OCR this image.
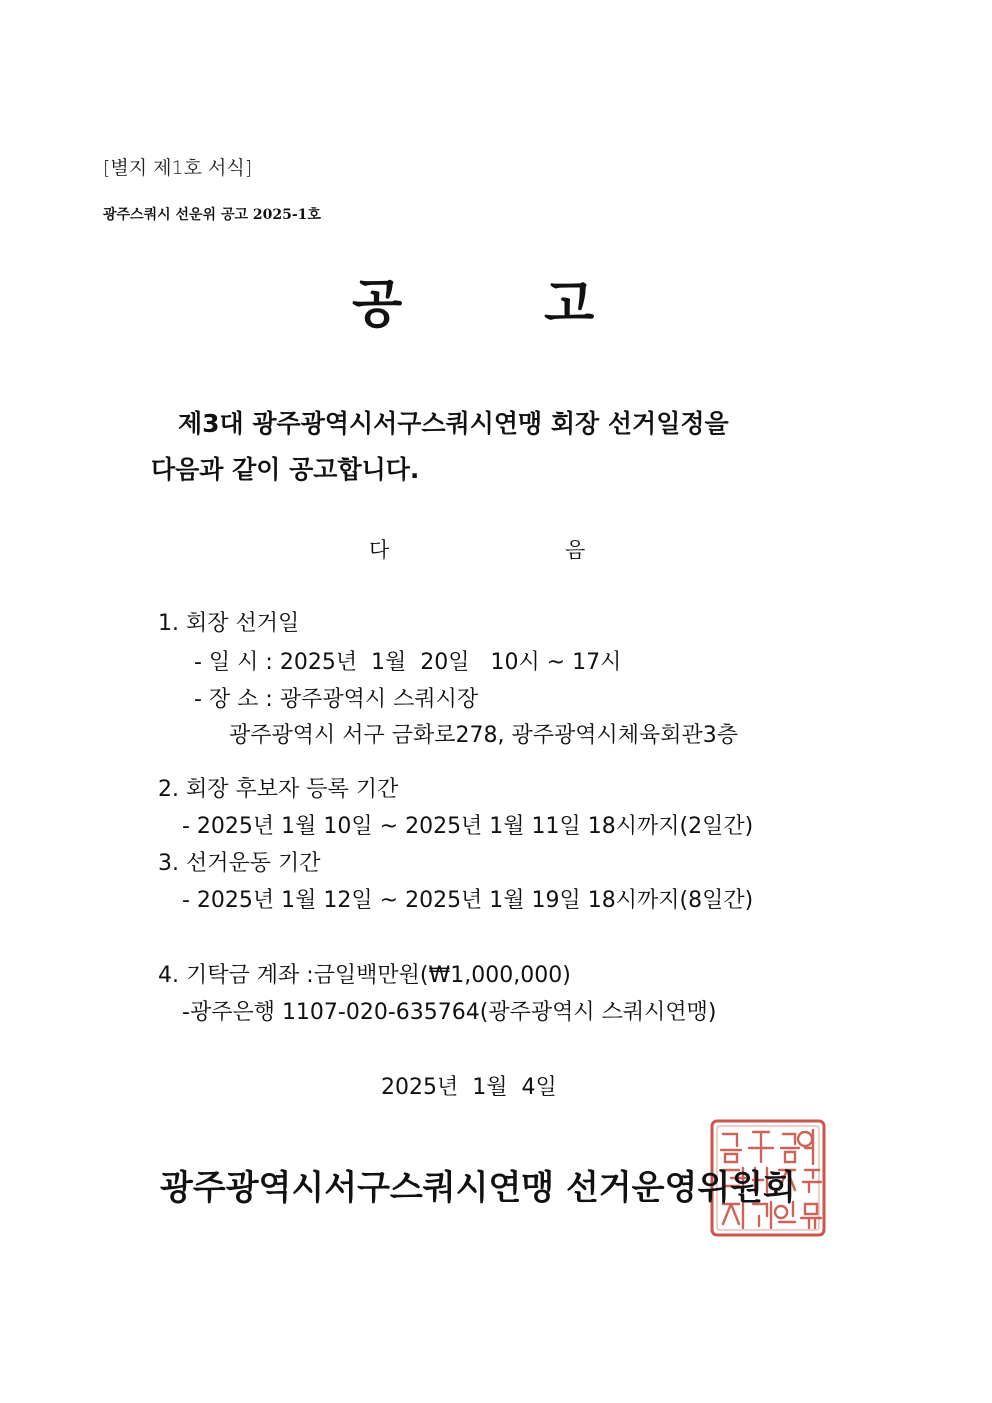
[별지 제1호 서식]
광주스쿼시 선운위 공고 2025-1호
공	고
제3대 광주광역시서구스쿼시연맹 회장 선거일정을
다음과 같이 공고합니다.
다	음
1. 회장 선거일
- 일 시 : 2025년  1월  20일   10시 ~ 17시
- 장 소 : 광주광역시 스쿼시장
광주광역시 서구 금화로278, 광주광역시체육회관3층
2. 회장 후보자 등록 기간
- 2025년 1월 10일 ~ 2025년 1월 11일 18시까지(2일간)
3. 선거운동 기간
- 2025년 1월 12일 ~ 2025년 1월 19일 18시까지(8일간)
4. 기탁금 계좌 :금일백만원(₩1,000,000)
-광주은행 1107-020-635764(광주광역시 스쿼시연맹)
2025년  1월  4일
광주광역시서구스쿼시연맹 선거운영위원회
